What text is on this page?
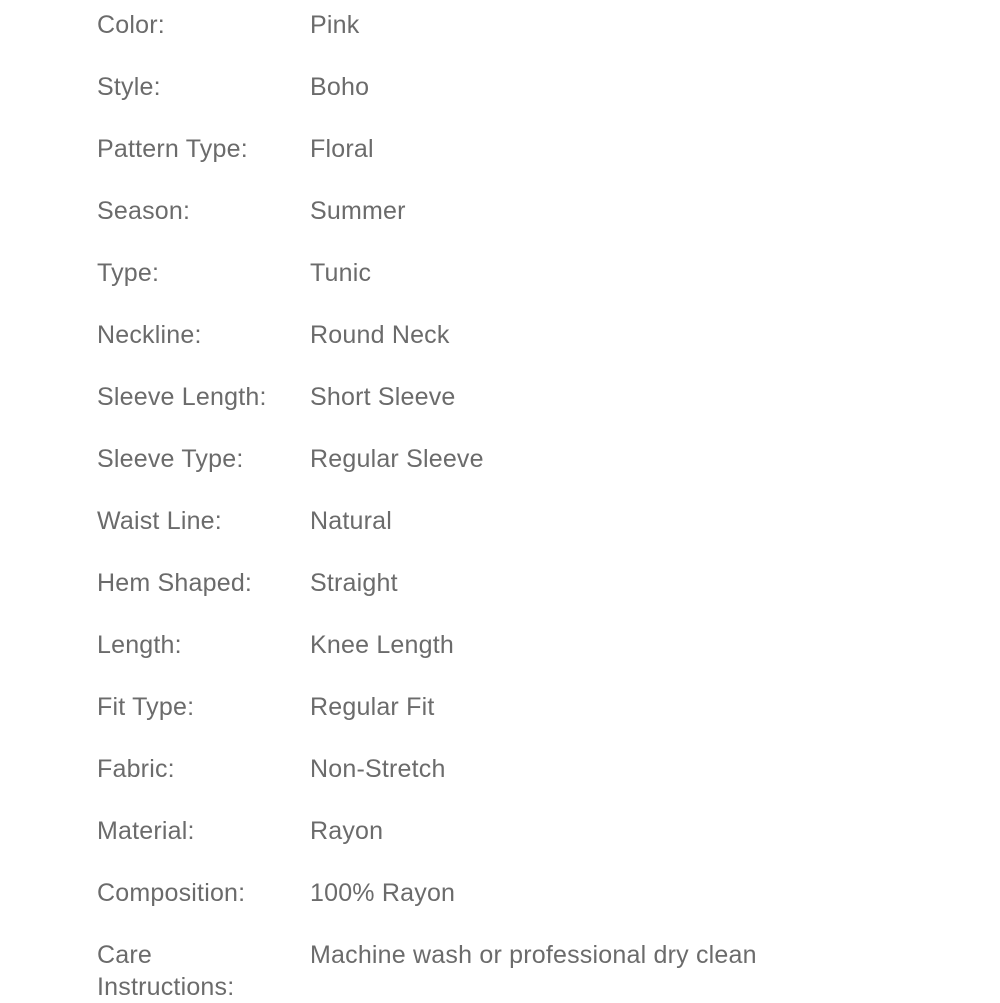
Color:	Pink
Style:	Boho
Pattern Type:	Floral
Season:	Summer
Type:	Tunic
Neckline:	Round Neck
Sleeve Length:	Short Sleeve
Sleeve Type:	Regular Sleeve
Waist Line:	Natural
Hem Shaped:	Straight
Length:	Knee Length
Fit Type:	Regular Fit
Fabric:	Non-Stretch
Material:	Rayon
Composition:	100% Rayon
Care Instructions:
Machine wash or professional dry clean
